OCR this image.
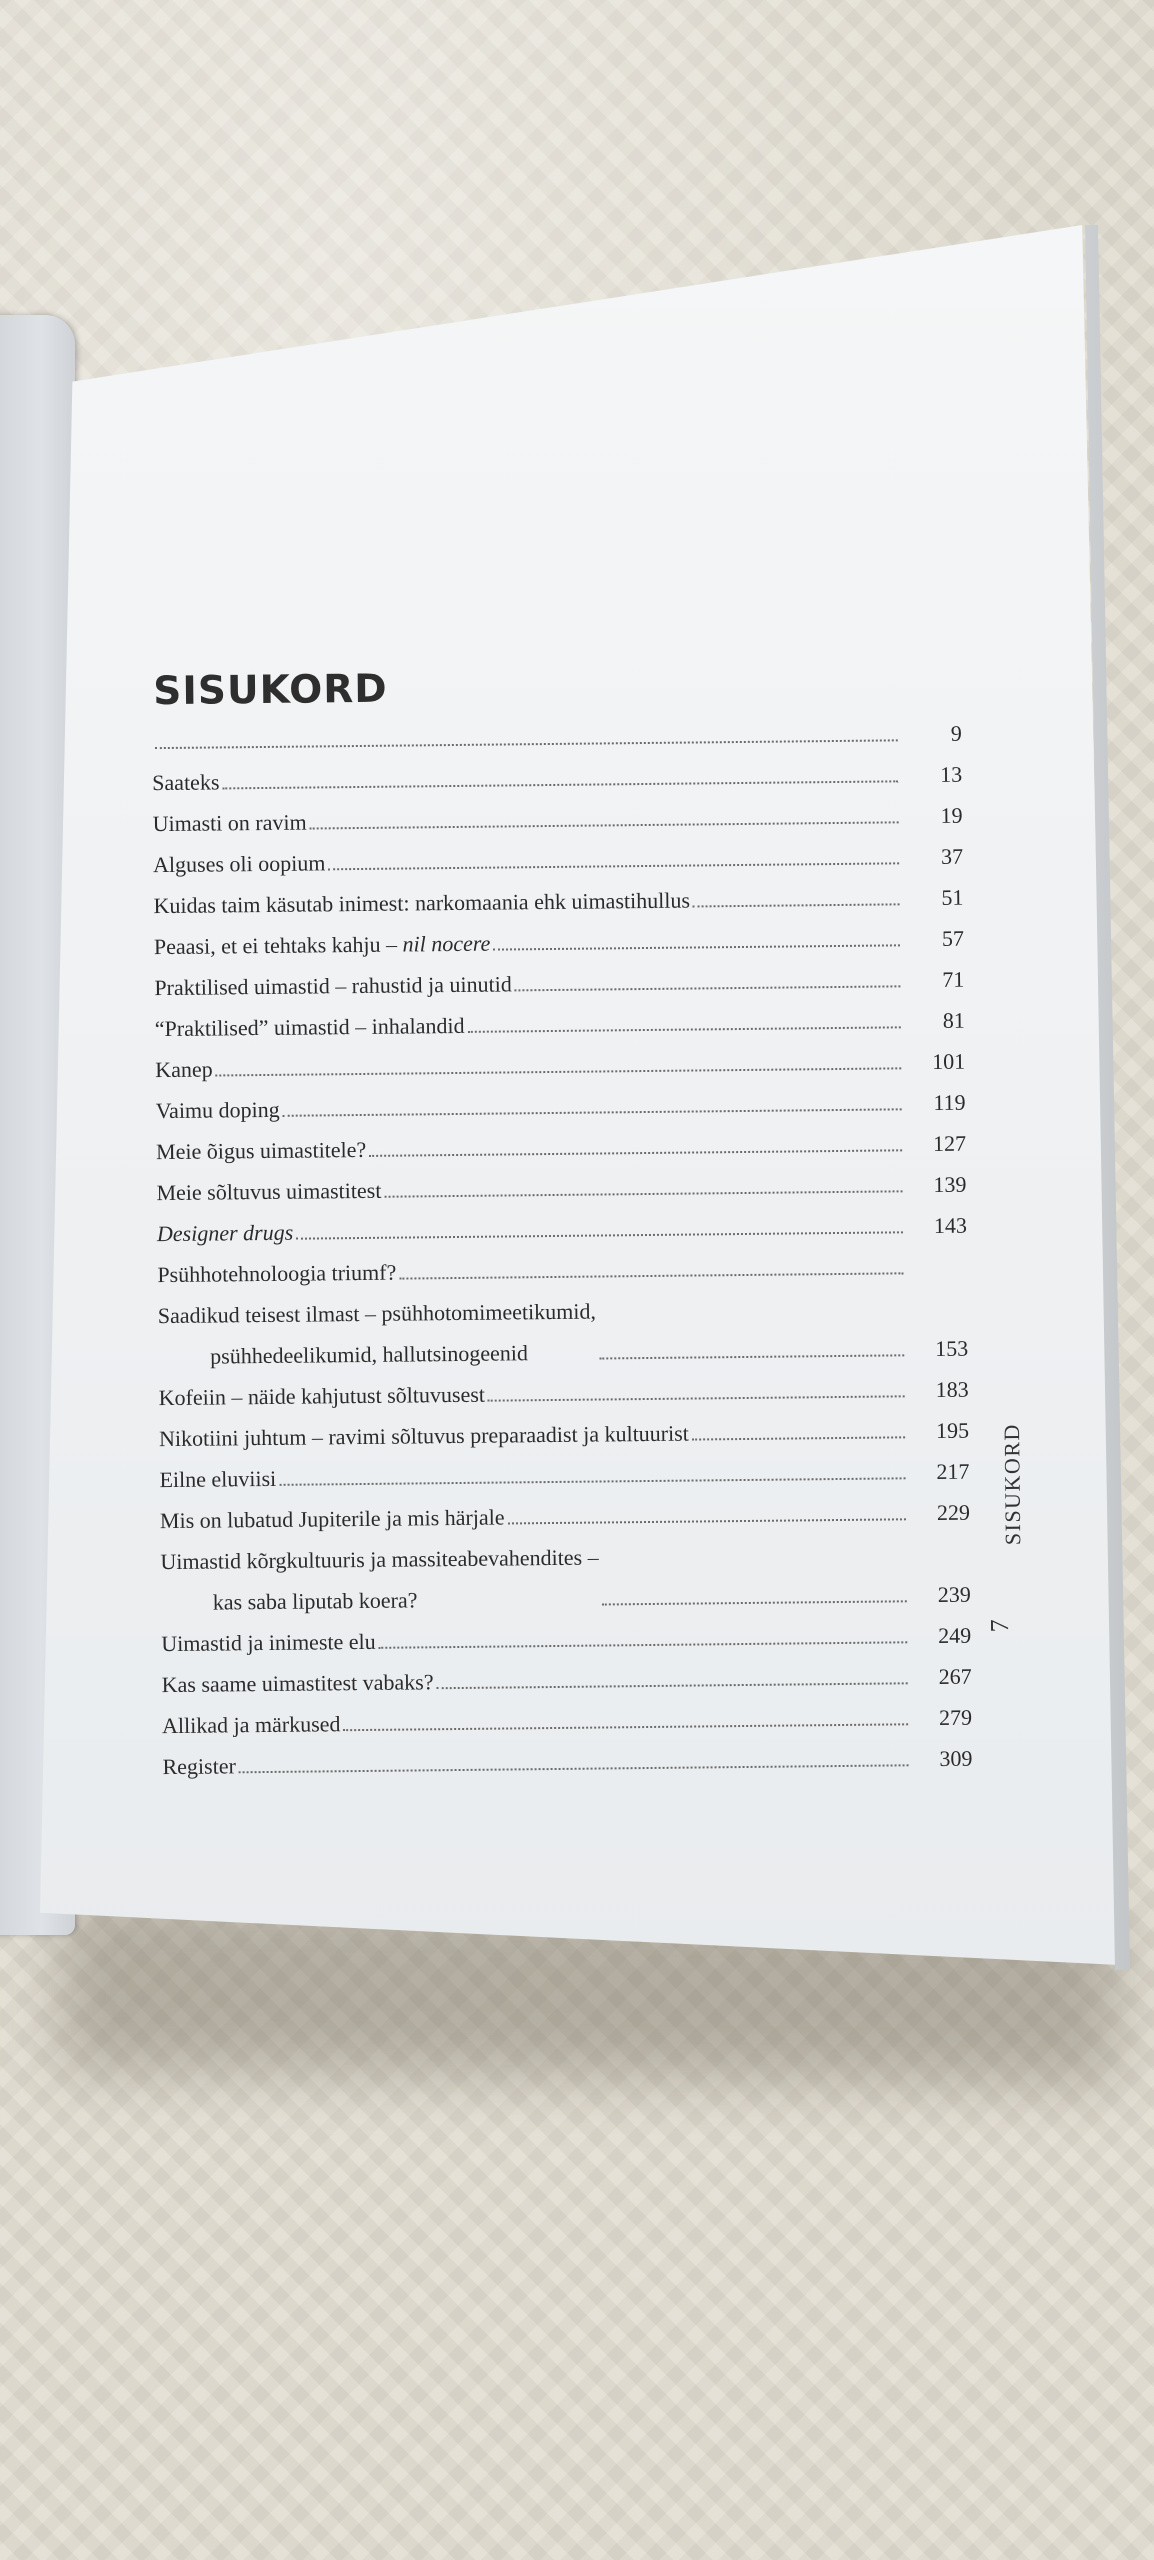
SISUKORD
9
Saateks	13
Uimasti on ravim	19
Alguses oli oopium	37
Kuidas taim käsutab inimest: narkomaania ehk uimastihullus	51
Peaasi, et ei tehtaks kahju – nil nocere	57
Praktilised uimastid – rahustid ja uinutid	71
“Praktilised” uimastid – inhalandid	81
Kanep	101
Vaimu doping	119
Meie õigus uimastitele?	127
Meie sõltuvus uimastitest	139
Designer drugs	143
Psühhotehnoloogia triumf?
Saadikud teisest ilmast – psühhotomimeetikumid,
psühhedeelikumid, hallutsinogeenid	153
Kofeiin – näide kahjutust sõltuvusest	183
Nikotiini juhtum – ravimi sõltuvus preparaadist ja kultuurist	195
Eilne eluviisi	217
Mis on lubatud Jupiterile ja mis härjale	229
Uimastid kõrgkultuuris ja massiteabevahendites –
kas saba liputab koera?	239
Uimastid ja inimeste elu	249
Kas saame uimastitest vabaks?	267
Allikad ja märkused	279
Register	309
SISUKORD
7
